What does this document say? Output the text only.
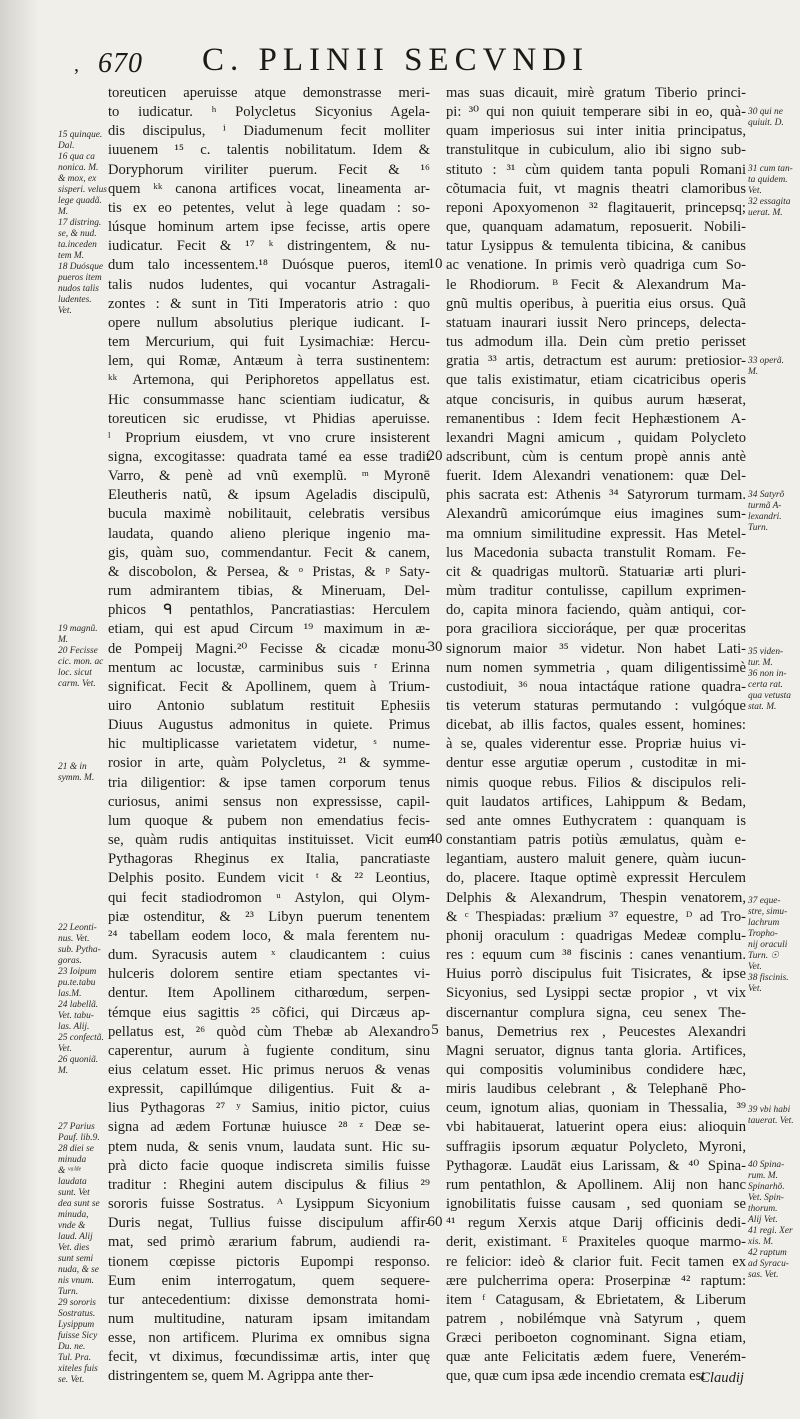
, 670 C. PLINII SECVNDI
15 quinque.
Dal.
16 qua ca
nonica. M.
& mox, ex
sisperi. velus
lege quadã.
M.
17 distring.
se, & nud.
ta.inceden
tem M.
18 Duósque
pueros item
nudos talis
ludentes.
Vet.
19 magnũ.
M.
20 Fecisse
cic. mon. ac
loc. sicut
carm. Vet.
21 & in
symm. M.
22 Leonti-
nus. Vet.
sub. Pytha-
goras.
23 Ioipum
pu.te.tabu
las.M.
24 labellã.
Vet. tabu-
las. Alij.
25 confectã.
Vet.
26 quoniã.
M.
27 Parius
Pauf. lib.9.
28 diei se
minuda
& ᵛᵃˡᵈᵉ
laudata
sunt. Vet
dea sunt se
minuda,
vnde &
laud. Alij
Vet. dies
sunt semi
nuda, & se
nis vnum.
Turn.
29 sororis
Sostratus.
Lysippum
fuisse Sicy
Du. ne.
Tul. Pra.
xiteles fuis
se. Vet.
toreuticen aperuisse atque demonstrasse meri-
to iudicatur. ʰ Polycletus Sicyonius Agela-
dis discipulus, ⁱ Diadumenum fecit molliter
iuuenem ¹⁵ c. talentis nobilitatum. Idem &
Doryphorum viriliter puerum. Fecit & ¹⁶
quem ᵏᵏ canona artifices vocat, lineamenta ar-
tis ex eo petentes, velut à lege quadam : so-
lúsque hominum artem ipse fecisse, artis opere
iudicatur. Fecit & ¹⁷ ᵏ distringentem, & nu-
dum talo incessentem.¹⁸ Duósque pueros, item
talis nudos ludentes, qui vocantur Astragali-
zontes : & sunt in Titi Imperatoris atrio : quo
opere nullum absolutius plerique iudicant. I-
tem Mercurium, qui fuit Lysimachiæ: Hercu-
lem, qui Romæ, Antæum à terra sustinentem:
ᵏᵏ Artemona, qui Periphoretos appellatus est.
Hic consummasse hanc scientiam iudicatur, &
toreuticen sic erudisse, vt Phidias aperuisse.
ˡ Proprium eiusdem, vt vno crure insisterent
signa, excogitasse: quadrata tamé ea esse tradit
Varro, & penè ad vnũ exemplũ. ᵐ Myronē
Eleutheris natũ, & ipsum Ageladis discipulũ,
bucula maximè nobilitauit, celebratis versibus
laudata, quando alieno plerique ingenio ma-
gis, quàm suo, commendantur. Fecit & canem,
& discobolon, & Persea, & ᵒ Pristas, & ᵖ Saty-
rum admirantem tibias, & Mineruam, Del-
phicos ᑫ pentathlos, Pancratiastias: Herculem
etiam, qui est apud Circum ¹⁹ maximum in æ-
de Pompeij Magni.²⁰ Fecisse & cicadæ monu-
mentum ac locustæ, carminibus suis ʳ Erinna
significat. Fecit & Apollinem, quem à Trium-
uiro Antonio sublatum restituit Ephesiis
Diuus Augustus admonitus in quiete. Primus
hic multiplicasse varietatem videtur, ˢ nume-
rosior in arte, quàm Polycletus, ²¹ & symme-
tria diligentior: & ipse tamen corporum tenus
curiosus, animi sensus non expressisse, capil-
lum quoque & pubem non emendatius fecis-
se, quàm rudis antiquitas instituisset. Vicit eum
Pythagoras Rheginus ex Italia, pancratiaste
Delphis posito. Eundem vicit ᵗ & ²² Leontius,
qui fecit stadiodromon ᵘ Astylon, qui Olym-
piæ ostenditur, & ²³ Libyn puerum tenentem
²⁴ tabellam eodem loco, & mala ferentem nu-
dum. Syracusis autem ˣ claudicantem : cuius
hulceris dolorem sentire etiam spectantes vi-
dentur. Item Apollinem citharœdum, serpen-
témque eius sagittis ²⁵ cõfici, qui Dircæus ap-
pellatus est, ²⁶ quòd cùm Thebæ ab Alexandro
caperentur, aurum à fugiente conditum, sinu
eius celatum esset. Hic primus neruos & venas
expressit, capillúmque diligentius. Fuit & a-
lius Pythagoras ²⁷ ʸ Samius, initio pictor, cuius
signa ad ædem Fortunæ huiusce ²⁸ ᶻ Deæ se-
ptem nuda, & senis vnum, laudata sunt. Hic su-
prà dicto facie quoque indiscreta similis fuisse
traditur : Rhegini autem discipulus & filius ²⁹
sororis fuisse Sostratus. ᴬ Lysippum Sicyonium
Duris negat, Tullius fuisse discipulum affir-
mat, sed primò ærarium fabrum, audiendi ra-
tionem cœpisse pictoris Eupompi responso.
Eum enim interrogatum, quem sequere-
tur antecedentium: dixisse demonstrata homi-
num multitudine, naturam ipsam imitandam
esse, non artificem. Plurima ex omnibus signa
fecit, vt diximus, fœcundissimæ artis, inter quę
distringentem se, quem M. Agrippa ante ther-
10
20
30
40
5
60
mas suas dicauit, mirè gratum Tiberio princi-
pi: ³⁰ qui non quiuit temperare sibi in eo, quà-
quam imperiosus sui inter initia principatus,
transtulitque in cubiculum, alio ibi signo sub-
stituto : ³¹ cùm quidem tanta populi Romani
cõtumacia fuit, vt magnis theatri clamoribus
reponi Apoxyomenon ³² flagitauerit, princepsq;
que, quanquam adamatum, reposuerit. Nobili-
tatur Lysippus & temulenta tibicina, & canibus
ac venatione. In primis verò quadriga cum So-
le Rhodiorum. ᴮ Fecit & Alexandrum Ma-
gnũ multis operibus, à pueritia eius orsus. Quã
statuam inaurari iussit Nero princeps, delecta-
tus admodum illa. Dein cùm pretio perisset
gratia ³³ artis, detractum est aurum: pretiosior-
que talis existimatur, etiam cicatricibus operis
atque concisuris, in quibus aurum hæserat,
remanentibus : Idem fecit Hephæstionem A-
lexandri Magni amicum , quidam Polycleto
adscribunt, cùm is centum propè annis antè
fuerit. Idem Alexandri venationem: quæ Del-
phis sacrata est: Athenis ³⁴ Satyrorum turmam.
Alexandrũ amicorúmque eius imagines sum-
ma omnium similitudine expressit. Has Metel-
lus Macedonia subacta transtulit Romam. Fe-
cit & quadrigas multorũ. Statuariæ arti pluri-
mùm traditur contulisse, capillum exprimen-
do, capita minora faciendo, quàm antiqui, cor-
pora graciliora siccioráque, per quæ proceritas
signorum maior ³⁵ videtur. Non habet Lati-
num nomen symmetria , quam diligentissimè
custodiuit, ³⁶ noua intactáque ratione quadra-
tis veterum staturas permutando : vulgóque
dicebat, ab illis factos, quales essent, homines:
à se, quales viderentur esse. Propriæ huius vi-
dentur esse argutiæ operum , custoditæ in mi-
nimis quoque rebus. Filios & discipulos reli-
quit laudatos artifices, Lahippum & Bedam,
sed ante omnes Euthycratem : quanquam is
constantiam patris potiùs æmulatus, quàm e-
legantiam, austero maluit genere, quàm iucun-
do, placere. Itaque optimè expressit Herculem
Delphis & Alexandrum, Thespin venatorem,
& ᶜ Thespiadas: prælium ³⁷ equestre, ᴰ ad Tro-
phonij oraculum : quadrigas Medeæ complu-
res : equum cum ³⁸ fiscinis : canes venantium.
Huius porrò discipulus fuit Tisicrates, & ipse
Sicyonius, sed Lysippi sectæ propior , vt vix
discernantur complura signa, ceu senex The-
banus, Demetrius rex , Peucestes Alexandri
Magni seruator, dignus tanta gloria. Artifices,
qui compositis voluminibus condidere hæc,
miris laudibus celebrant , & Telephanē Pho-
ceum, ignotum alias, quoniam in Thessalia, ³⁹
vbi habitauerat, latuerint opera eius: alioquin
suffragiis ipsorum æquatur Polycleto, Myroni,
Pythagoræ. Laudāt eius Larissam, & ⁴⁰ Spina-
rum pentathlon, & Apollinem. Alij non hanc
ignobilitatis fuisse causam , sed quoniam se
⁴¹ regum Xerxis atque Darij officinis dedi-
derit, existimant. ᴱ Praxiteles quoque marmo-
re felicior: ideò & clarior fuit. Fecit tamen ex
ære pulcherrima opera: Proserpinæ ⁴² raptum:
item ᶠ Catagusam, & Ebrietatem, & Liberum
patrem , nobilémque vnà Satyrum , quem
Græci periboeton cognominant. Signa etiam,
quæ ante Felicitatis ædem fuere, Venerém-
que, quæ cum ipsa æde incendio cremata est
30 qui ne
quiuit. D.
31 cum tan-
ta quidem.
Vet.
32 essagita
uerat. M.
33 operã.
M.
34 Satyrõ
turmã A-
lexandri.
Turn.
35 viden-
tur. M.
36 non in-
certa rat.
qua vetusta
stat. M.
37 eque-
stre, simu-
lachrum
Tropho-
nij oraculi
Turn. ☉
Vet.
38 fiscinis.
Vet.
39 vbi habi
tauerat. Vet.
40 Spina-
rum. M.
Spinarhŏ.
Vet. Spin-
thorum.
Alij Vet.
41 regi. Xer
xis. M.
42 raptum
ad Syracu-
sas. Vet.
Claudij
